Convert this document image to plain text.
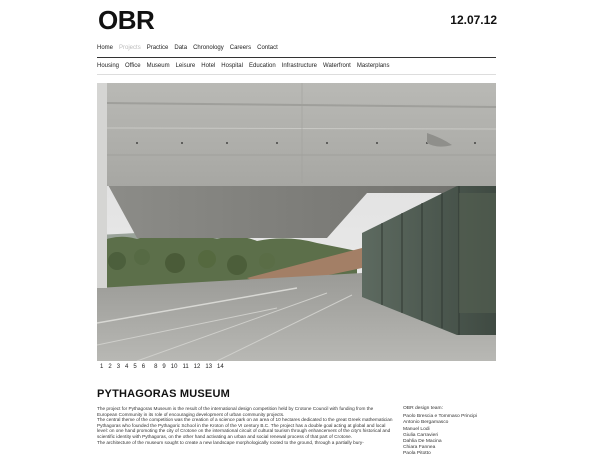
OBR	12.07.12
Home Projects Practice Data Chronology Careers Contact
Housing Office Museum Leisure Hotel Hospital Education Infrastructure Waterfront Masterplans
1 2 3 4 5 6 8 9 10 11 12 13 14
PYTHAGORAS MUSEUM

The project for Pythagoras Museum is the result of the international design competition held by Crotone Council with funding from the European Community in its role of encouraging development of urban community projects.

The central theme of the competition was the creation of a science park on an area of 10 hectares dedicated to the great Greek mathematician Pythagoras who founded the Pythagoric School in the Kroton of the VI century B.C. The project has a double goal acting at global and local level: on one hand promoting the city of Crotone on the international circuit of cultural tourism through enhancement of the city's historical and scientific identity with Pythagoras, on the other hand activating an urban and social renewal process of that part of Crotone.

The architecture of the museum sought to create a new landscape morphologically rooted to the ground, through a partially bury-

OBR design team:
Paolo Brescia e Tommaso Principi
Antonio Bergamasco
Manuel Lodi
Giulia Carravieri
Dahlia De Macina
Chiara Fannea
Paola Pitotto
